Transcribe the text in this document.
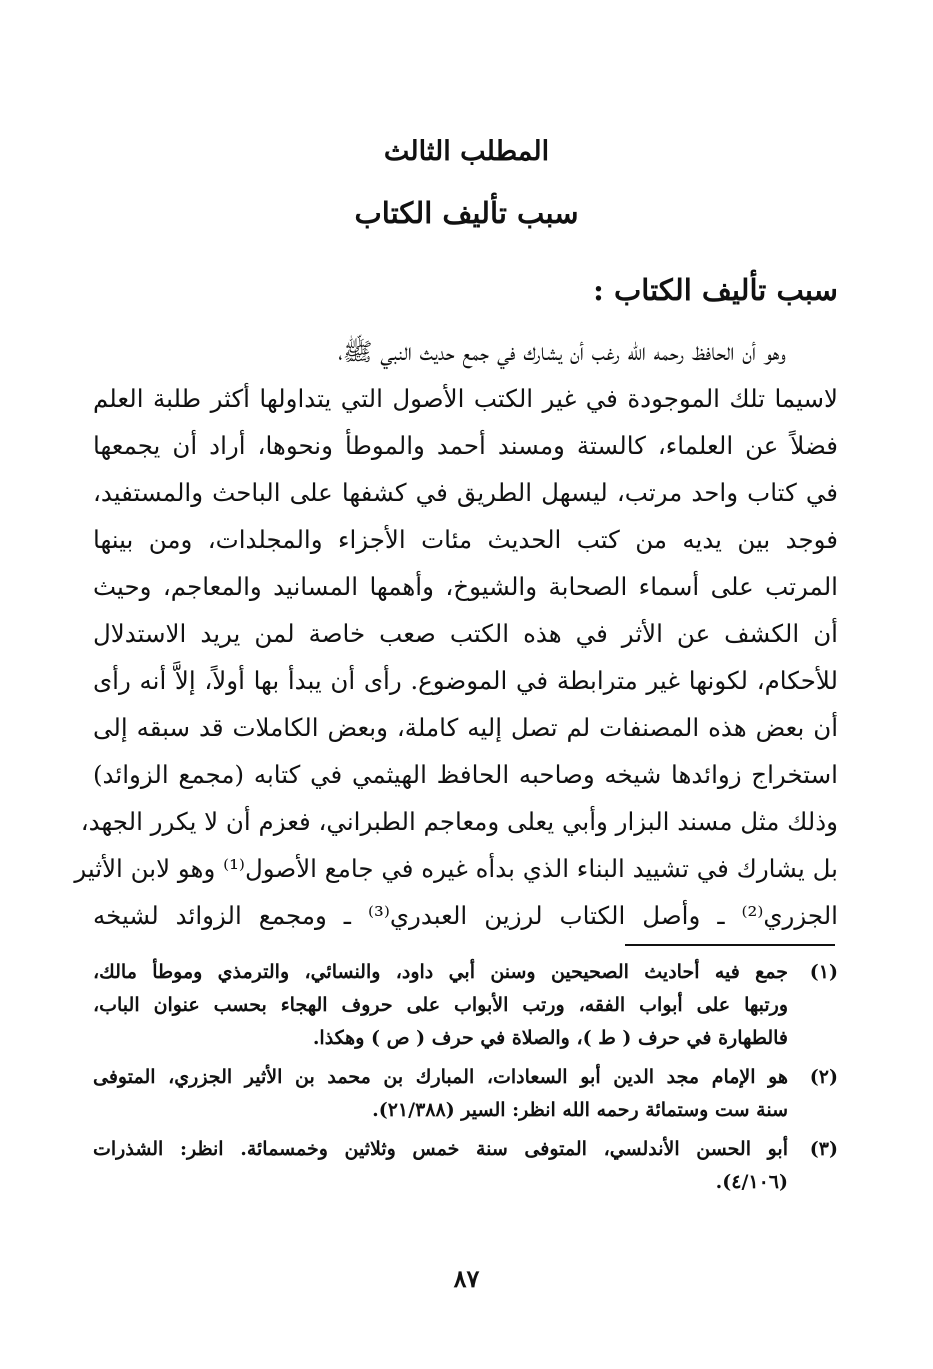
المطلب الثالث
سبب تأليف الكتاب
سبب تأليف الكتاب :
وهو أن الحافظ رحمه الله رغب أن يشارك في جمع حديث النبي ﷺ،
لاسيما تلك الموجودة في غير الكتب الأصول التي يتداولها أكثر طلبة العلم
فضلاً عن العلماء، كالستة ومسند أحمد والموطأ ونحوها، أراد أن يجمعها
في كتاب واحد مرتب، ليسهل الطريق في كشفها على الباحث والمستفيد،
فوجد بين يديه من كتب الحديث مئات الأجزاء والمجلدات، ومن بينها
المرتب على أسماء الصحابة والشيوخ، وأهمها المسانيد والمعاجم، وحيث
أن الكشف عن الأثر في هذه الكتب صعب خاصة لمن يريد الاستدلال
للأحكام، لكونها غير مترابطة في الموضوع. رأى أن يبدأ بها أولاً، إلاَّ أنه رأى
أن بعض هذه المصنفات لم تصل إليه كاملة، وبعض الكاملات قد سبقه إلى
استخراج زوائدها شيخه وصاحبه الحافظ الهيثمي في كتابه (مجمع الزوائد)
وذلك مثل مسند البزار وأبي يعلى ومعاجم الطبراني، فعزم أن لا يكرر الجهد،
بل يشارك في تشييد البناء الذي بدأه غيره في جامع الأصول⁽¹⁾ وهو لابن الأثير
الجزري⁽²⁾ ـ وأصل الكتاب لرزين العبدري⁽³⁾ ـ ومجمع الزوائد لشيخه
(١)
جمع فيه أحاديث الصحيحين وسنن أبي داود، والنسائي، والترمذي وموطأ مالك،
ورتبها على أبواب الفقه، ورتب الأبواب على حروف الهجاء بحسب عنوان الباب،
فالطهارة في حرف ( ط )، والصلاة في حرف ( ص ) وهكذا.
(٢)
هو الإمام مجد الدين أبو السعادات، المبارك بن محمد بن الأثير الجزري، المتوفى
سنة ست وستمائة رحمه الله انظر: السير (٢١/٣٨٨).
(٣)
أبو الحسن الأندلسي، المتوفى سنة خمس وثلاثين وخمسمائة. انظر: الشذرات
(٤/١٠٦).
٨٧
